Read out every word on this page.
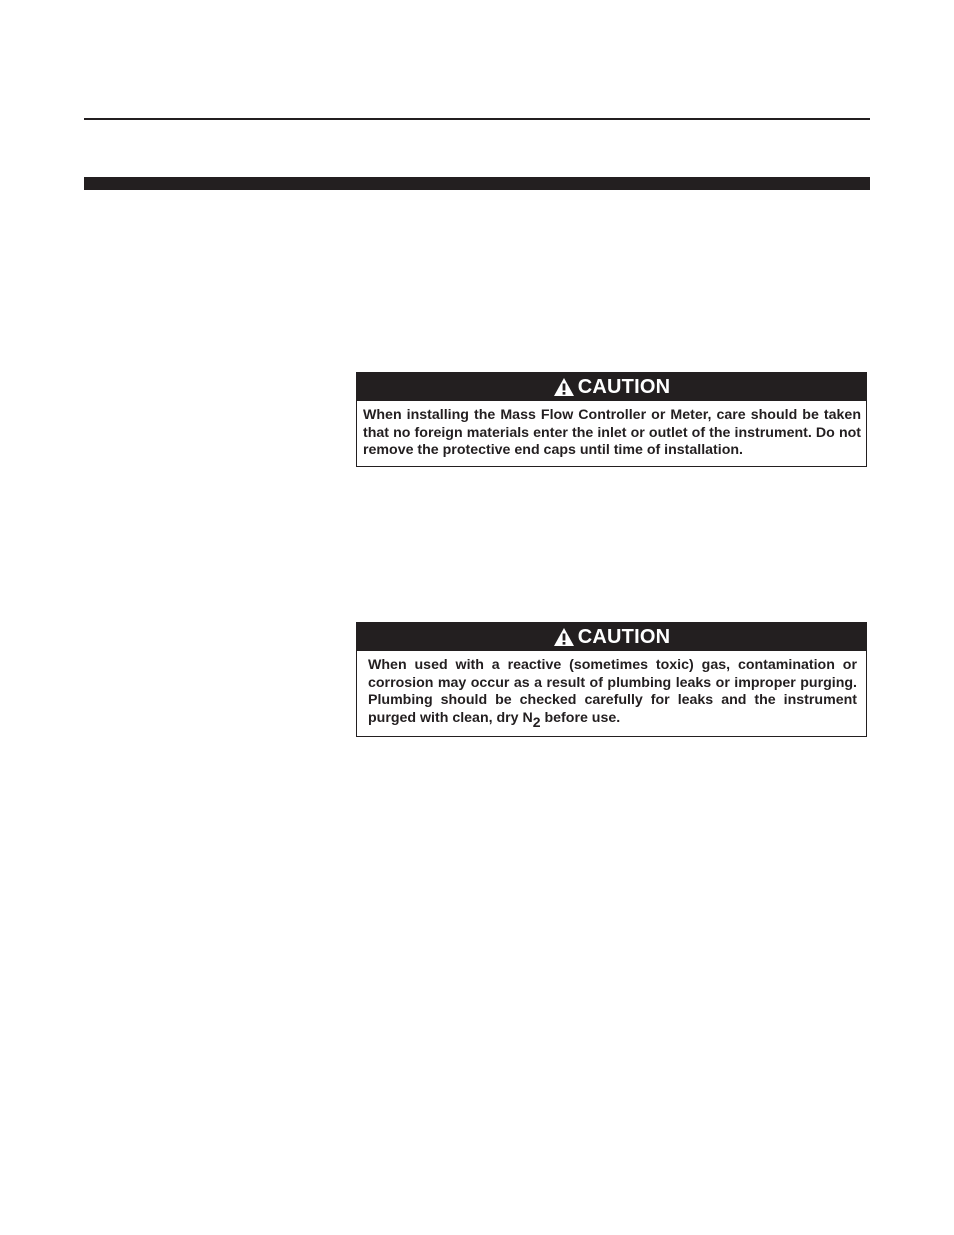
CAUTION
When installing the Mass Flow Controller or Meter, care should be taken that no foreign materials enter the inlet or outlet of the instrument. Do not remove the protective end caps until time of installation.
CAUTION
When used with a reactive (sometimes toxic) gas, contamination or corrosion may occur as a result of plumbing leaks or improper purging. Plumbing should be checked carefully for leaks and the instrument purged with clean, dry N2 before use.
